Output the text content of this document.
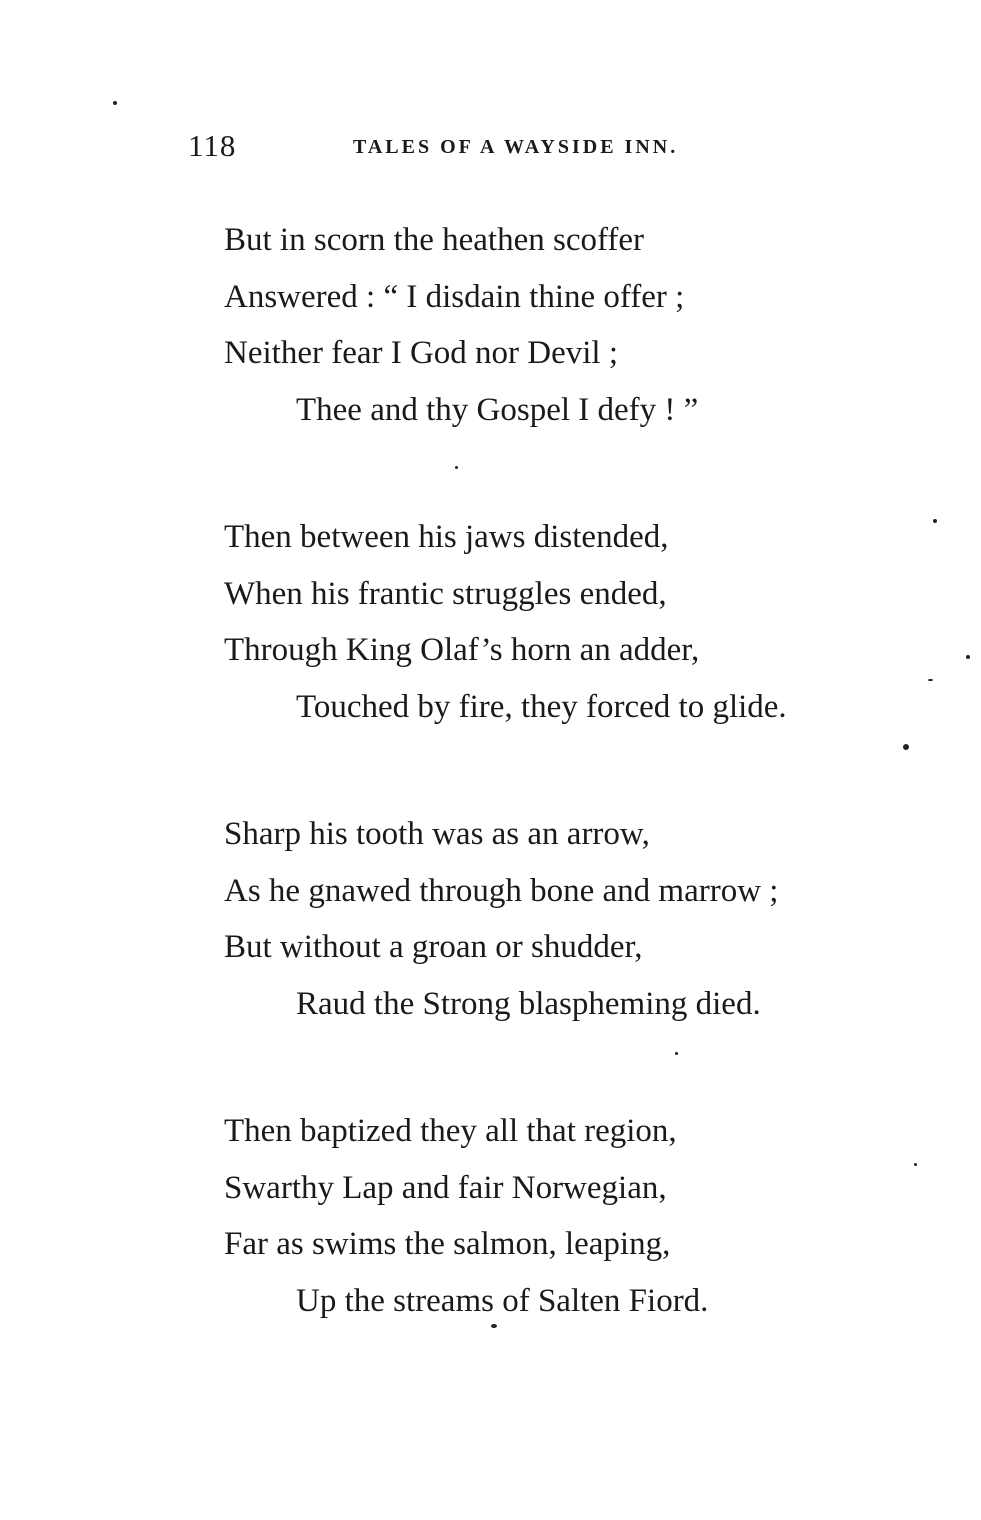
118	TALES OF A WAYSIDE INN.
But in scorn the heathen scoffer
Answered : “ I disdain thine offer ;
Neither fear I God nor Devil ;
Thee and thy Gospel I defy ! ”
Then between his jaws distended,
When his frantic struggles ended,
Through King Olaf’s horn an adder,
Touched by fire, they forced to glide.
Sharp his tooth was as an arrow,
As he gnawed through bone and marrow ;
But without a groan or shudder,
Raud the Strong blaspheming died.
Then baptized they all that region,
Swarthy Lap and fair Norwegian,
Far as swims the salmon, leaping,
Up the streams of Salten Fiord.
